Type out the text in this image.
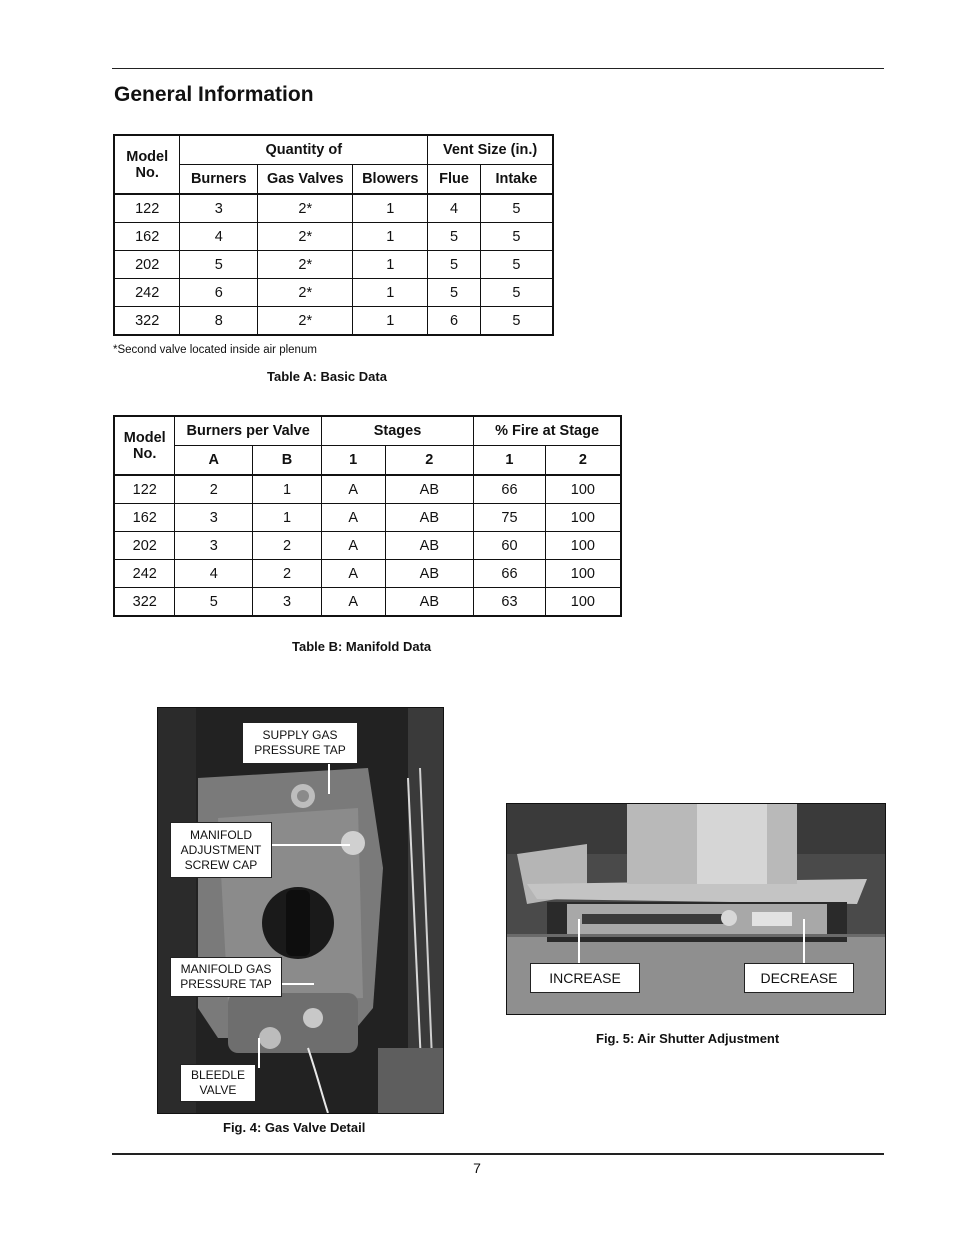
General Information
Model No.	Quantity of			Vent Size (in.)	
	Burners	Gas Valves	Blowers	Flue	Intake
122	3	2*	1	4	5
162	4	2*	1	5	5
202	5	2*	1	5	5
242	6	2*	1	5	5
322	8	2*	1	6	5
*Second valve located inside air plenum
Table A: Basic Data
Model No.	Burners per Valve		Stages		% Fire at Stage	
	A	B	1	2	1	2
122	2	1	A	AB	66	100
162	3	1	A	AB	75	100
202	3	2	A	AB	60	100
242	4	2	A	AB	66	100
322	5	3	A	AB	63	100
Table B: Manifold Data
SUPPLY GAS
PRESSURE TAP
MANIFOLD
ADJUSTMENT
SCREW CAP
MANIFOLD GAS
PRESSURE TAP
BLEEDLE
VALVE
Fig. 4: Gas Valve Detail
INCREASE	DECREASE
Fig. 5: Air Shutter Adjustment
7
